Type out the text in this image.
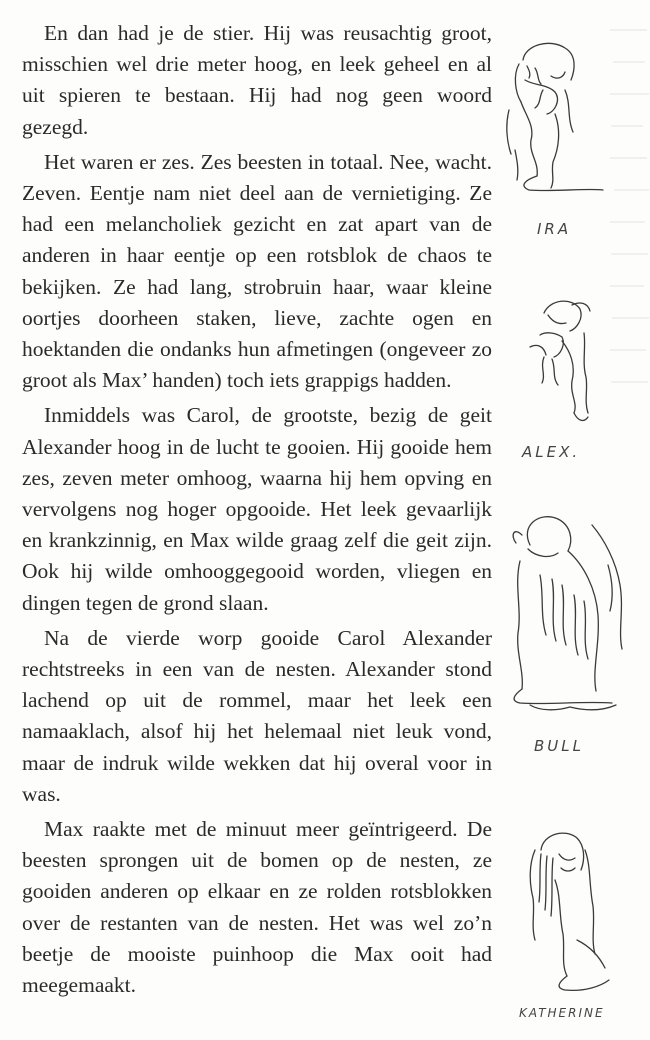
En dan had je de stier. Hij was reusachtig groot, misschien wel drie meter hoog, en leek geheel en al uit spieren te bestaan. Hij had nog geen woord gezegd.

Het waren er zes. Zes beesten in totaal. Nee, wacht. Zeven. Eentje nam niet deel aan de vernietiging. Ze had een melancholiek gezicht en zat apart van de anderen in haar eentje op een rotsblok de chaos te bekijken. Ze had lang, strobruin haar, waar kleine oortjes doorheen staken, lieve, zachte ogen en hoektanden die ondanks hun afmetingen (ongeveer zo groot als Max’ handen) toch iets grappigs hadden.

Inmiddels was Carol, de grootste, bezig de geit Alexander hoog in de lucht te gooien. Hij gooide hem zes, zeven meter omhoog, waarna hij hem opving en vervolgens nog hoger opgooide. Het leek gevaarlijk en krankzinnig, en Max wilde graag zelf die geit zijn. Ook hij wilde omhooggegooid worden, vliegen en dingen tegen de grond slaan.

Na de vierde worp gooide Carol Alexander rechtstreeks in een van de nesten. Alexander stond lachend op uit de rommel, maar het leek een namaaklach, alsof hij het helemaal niet leuk vond, maar de indruk wilde wekken dat hij overal voor in was.

Max raakte met de minuut meer geïntrigeerd. De beesten sprongen uit de bomen op de nesten, ze gooiden anderen op elkaar en ze rolden rotsblokken over de restanten van de nesten. Het was wel zo’n beetje de mooiste puinhoop die Max ooit had meegemaakt.

IRA
ALEX.
BULL
KATHERINE
